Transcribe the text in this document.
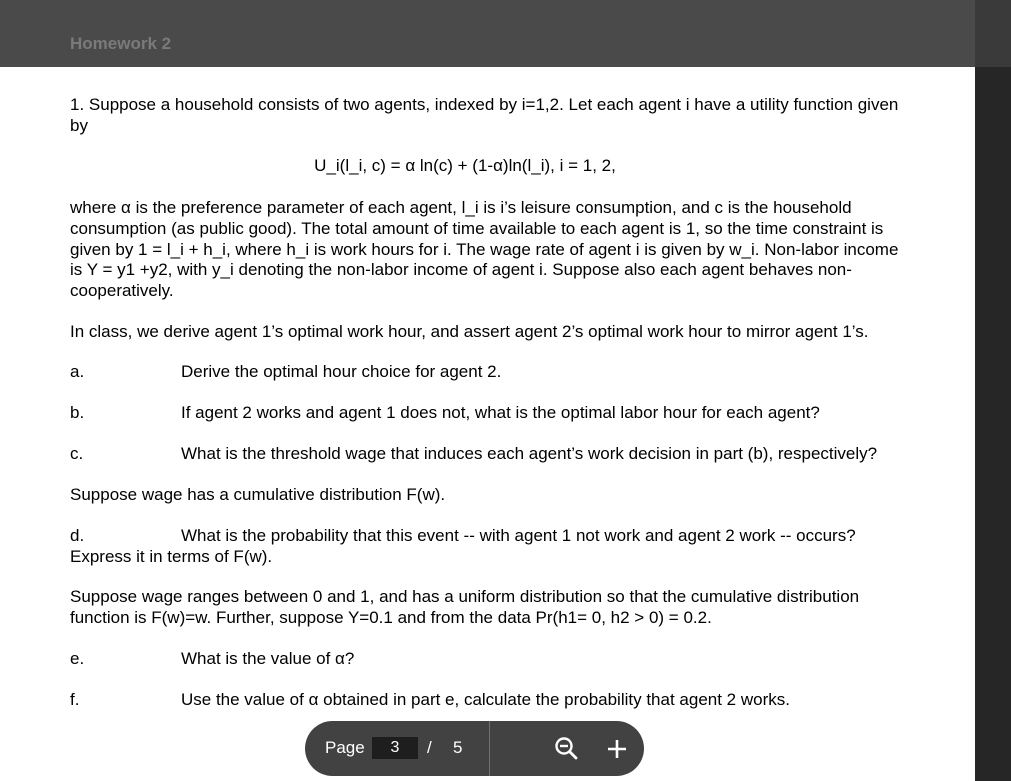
Homework 2

1. Suppose a household consists of two agents, indexed by i=1,2. Let each agent i have a utility function given by

U_i(l_i, c) = α ln(c) + (1-α)ln(l_i), i = 1, 2,

where α is the preference parameter of each agent, l_i is i’s leisure consumption, and c is the household consumption (as public good). The total amount of time available to each agent is 1, so the time constraint is given by 1 = l_i + h_i, where h_i is work hours for i. The wage rate of agent i is given by w_i. Non-labor income is Y = y1 +y2, with y_i denoting the non-labor income of agent i. Suppose also each agent behaves non-cooperatively.

In class, we derive agent 1’s optimal work hour, and assert agent 2’s optimal work hour to mirror agent 1’s.

a.	Derive the optimal hour choice for agent 2.

b.	If agent 2 works and agent 1 does not, what is the optimal labor hour for each agent?

c.	What is the threshold wage that induces each agent’s work decision in part (b), respectively?

Suppose wage has a cumulative distribution F(w).

d.	What is the probability that this event -- with agent 1 not work and agent 2 work -- occurs? Express it in terms of F(w).

Suppose wage ranges between 0 and 1, and has a uniform distribution so that the cumulative distribution function is F(w)=w. Further, suppose Y=0.1 and from the data Pr(h1= 0, h2 > 0) = 0.2.

e.	What is the value of α?

f.	Use the value of α obtained in part e, calculate the probability that agent 2 works.

Page
3	/ 5
